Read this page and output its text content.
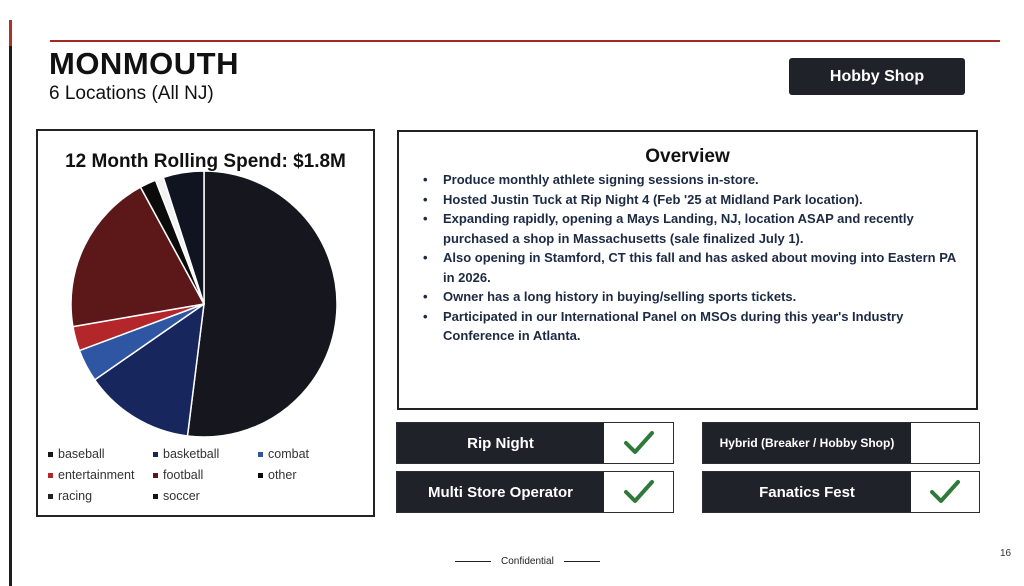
MONMOUTH
6 Locations (All NJ)
Hobby Shop
12 Month Rolling Spend: $1.8M
baseball	basketball	combat
entertainment football	other
racing	soccer
Overview
• Produce monthly athlete signing sessions in-store.
• Hosted Justin Tuck at Rip Night 4 (Feb '25 at Midland Park location).
• Expanding rapidly, opening a Mays Landing, NJ, location ASAP and recently purchased a shop in Massachusetts (sale finalized July 1).
• Also opening in Stamford, CT this fall and has asked about moving into Eastern PA in 2026.
• Owner has a long history in buying/selling sports tickets.
• Participated in our International Panel on MSOs during this year's Industry Conference in Atlanta.
Rip Night	Hybrid (Breaker / Hobby Shop)
Multi Store Operator	Fanatics Fest
Confidential
16
